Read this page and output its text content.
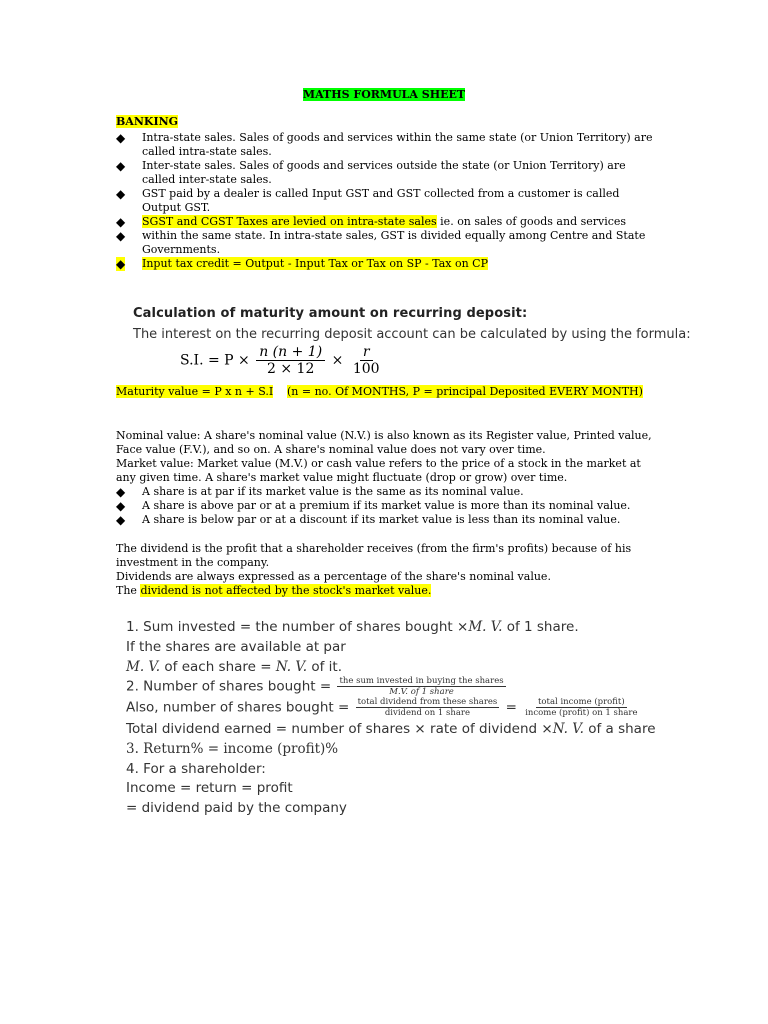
MATHS FORMULA SHEET
BANKING
◆ Intra-state sales. Sales of goods and services within the same state (or Union Territory) are called intra-state sales.
◆ Inter-state sales. Sales of goods and services outside the state (or Union Territory) are called inter-state sales.
◆ GST paid by a dealer is called Input GST and GST collected from a customer is called Output GST.
◆ SGST and CGST Taxes are levied on intra-state sales ie. on sales of goods and services
◆ within the same state. In intra-state sales, GST is divided equally among Centre and State Governments.
◆ Input tax credit = Output - Input Tax or Tax on SP - Tax on CP
Calculation of maturity amount on recurring deposit:
The interest on the recurring deposit account can be calculated by using the formula:
S.I. = $P \times \frac{n (n + 1)}{2 \times 12} \times \frac{r}{100}$
Maturity value = P x n + S.I (n = no. Of MONTHS, P = principal Deposited EVERY MONTH)
Nominal value: A share's nominal value (N.V.) is also known as its Register value, Printed value, Face value (F.V.), and so on. A share's nominal value does not vary over time.
Market value: Market value (M.V.) or cash value refers to the price of a stock in the market at any given time. A share's market value might fluctuate (drop or grow) over time.
◆ A share is at par if its market value is the same as its nominal value.
◆ A share is above par or at a premium if its market value is more than its nominal value.
◆ A share is below par or at a discount if its market value is less than its nominal value.
The dividend is the profit that a shareholder receives (from the firm's profits) because of his investment in the company.
Dividends are always expressed as a percentage of the share's nominal value.
The dividend is not affected by the stock's market value.
1. Sum invested = the number of shares bought ×M. V. of 1 share.
If the shares are available at par
M. V. of each share = N. V. of it.
2. Number of shares bought = $\frac{\text{the sum invested in buying the shares}}{\text{M.V. of 1 share}}$
Also, number of shares bought = $\frac{\text{total dividend from these shares}}{\text{dividend on 1 share}} = \frac{\text{total income (profit)}}{\text{income (profit) on 1 share}}$
Total dividend earned = number of shares × rate of dividend ×N. V. of a share
3. Return% = income (profit)%
4. For a shareholder:
Income = return = profit
= dividend paid by the company
